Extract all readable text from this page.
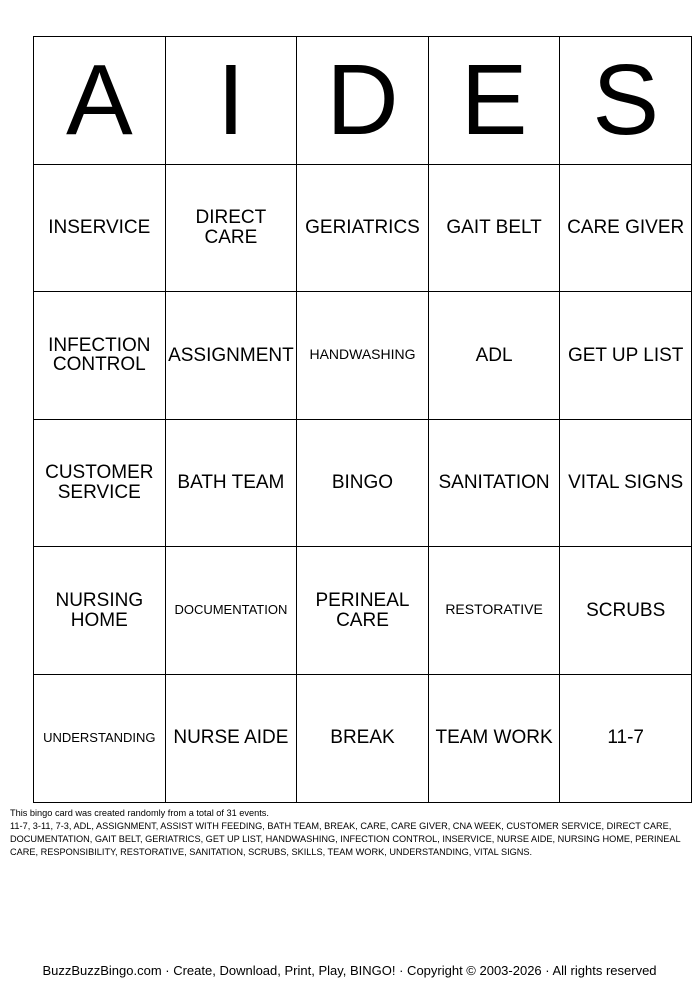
A	I	D	E	S
INSERVICE	DIRECT CARE	GERIATRICS	GAIT BELT	CARE GIVER
INFECTION CONTROL	ASSIGNMENT	HANDWASHING	ADL	GET UP LIST
CUSTOMER SERVICE	BATH TEAM	BINGO	SANITATION	VITAL SIGNS
NURSING HOME	DOCUMENTATION	PERINEAL CARE	RESTORATIVE	SCRUBS
UNDERSTANDING	NURSE AIDE	BREAK	TEAM WORK	11-7

This bingo card was created randomly from a total of 31 events.

11-7, 3-11, 7-3, ADL, ASSIGNMENT, ASSIST WITH FEEDING, BATH TEAM, BREAK, CARE, CARE GIVER, CNA WEEK, CUSTOMER SERVICE, DIRECT CARE, DOCUMENTATION, GAIT BELT, GERIATRICS, GET UP LIST, HANDWASHING, INFECTION CONTROL, INSERVICE, NURSE AIDE, NURSING HOME, PERINEAL CARE, RESPONSIBILITY, RESTORATIVE, SANITATION, SCRUBS, SKILLS, TEAM WORK, UNDERSTANDING, VITAL SIGNS.

BuzzBuzzBingo.com · Create, Download, Print, Play, BINGO! · Copyright © 2003-2026 · All rights reserved
